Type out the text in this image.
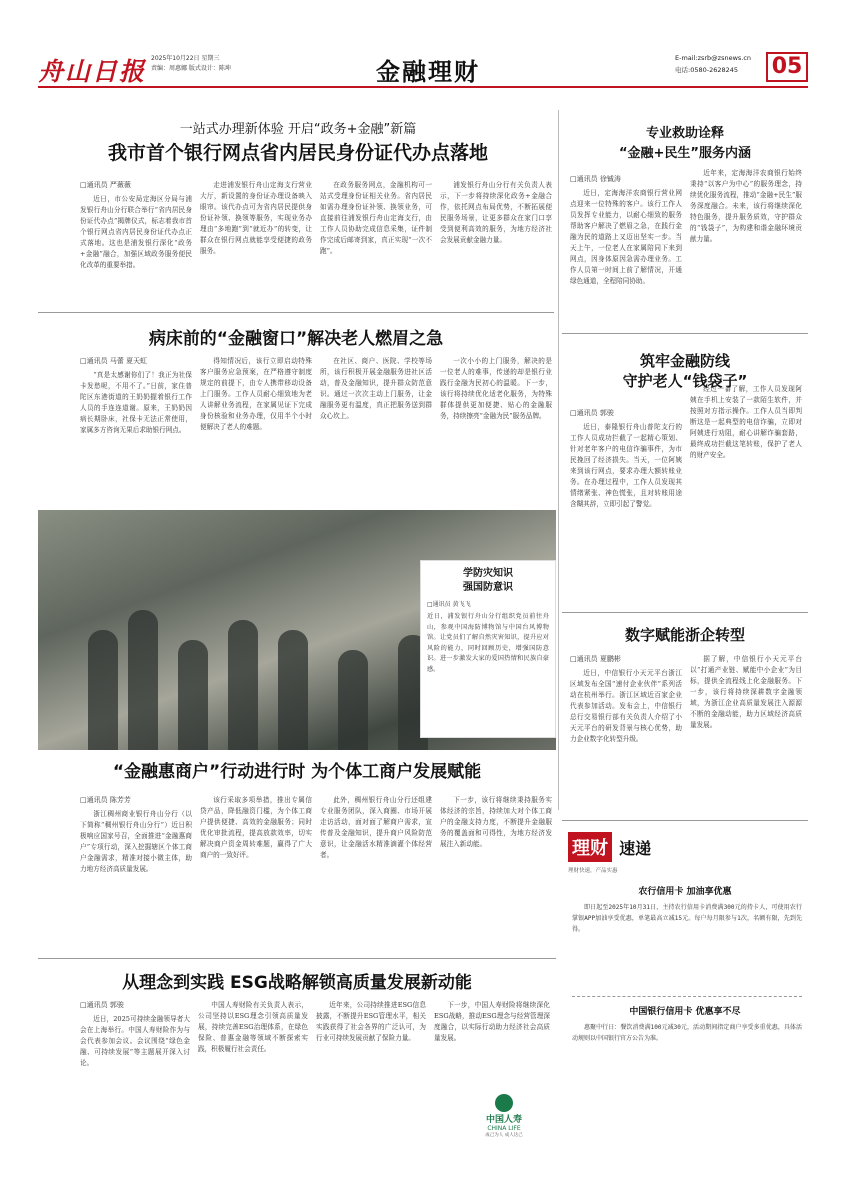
舟山日报 2025年10月22日 星期三
责编：周惠娜 版式设计：陈坤	金融理财	E-mail:zsrb@zsnews.cn
电话:0580-2628245	05
一站式办理新体验 开启“政务+金融”新篇
我市首个银行网点省内居民身份证代办点落地
□通讯员 严薇薇

近日，市公安局定海区分局与浦发银行舟山分行联合举行“省内居民身份证代办点”揭牌仪式，标志着我市首个银行网点省内居民身份证代办点正式落地。这也是浦发银行深化“政务+金融”融合，加强区域政务服务便民化改革的重要举措。

走进浦发银行舟山定海支行营业大厅，新设置的身份证办理设备映入眼帘。该代办点可为省内居民提供身份证补领、换领等服务，实现业务办理由“多地跑”到“就近办”的转变，让群众在银行网点就能享受便捷的政务服务。

在政务服务网点，金融机构可一站式受理身份证相关业务。省内居民如需办理身份证补领、换领业务，可直接前往浦发银行舟山定海支行，由工作人员协助完成信息采集，证件制作完成后邮寄到家，真正实现“一次不跑”。

浦发银行舟山分行有关负责人表示，下一步将持续深化政务+金融合作，依托网点布局优势，不断拓展便民服务场景，让更多群众在家门口享受到便利高效的服务，为地方经济社会发展贡献金融力量。

专业救助诠释
“金融+民生”服务内涵
□通讯员 徐铖涛

近日，定海海洋农商银行营业网点迎来一位特殊的客户。该行工作人员发挥专业能力，以耐心细致的服务帮助客户解决了燃眉之急，在践行金融为民的道路上又迈出坚实一步。当天上午，一位老人在家属陪同下来到网点，因身体原因急需办理业务。工作人员第一时间上前了解情况，开通绿色通道，全程陪同协助。

近年来，定海海洋农商银行始终秉持“以客户为中心”的服务理念，持续优化服务流程，推动“金融+民生”服务深度融合。未来，该行将继续深化特色服务，提升服务质效，守护群众的“钱袋子”，为构建和谐金融环境贡献力量。

病床前的“金融窗口”解决老人燃眉之急
□通讯员 马蕾 夏天虹

“真是太感谢你们了！我正为社保卡发愁呢，不用不了。”日前，家住普陀区东港街道的王奶奶握着银行工作人员的手连连道谢。原来，王奶奶因病长期卧床，社保卡无法正常使用，家属多方咨询无果后求助银行网点。

得知情况后，该行立即启动特殊客户服务应急预案，在严格遵守制度规定的前提下，由专人携带移动设备上门服务。工作人员耐心细致地为老人讲解业务流程，在家属见证下完成身份核验和业务办理，仅用半个小时便解决了老人的难题。

在社区、商户、医院、学校等场所，该行积极开展金融服务进社区活动，普及金融知识，提升群众防范意识。通过一次次主动上门服务，让金融服务更有温度，真正把服务送到群众心坎上。

一次小小的上门服务，解决的是一位老人的难事，传递的却是银行业践行金融为民初心的温暖。下一步，该行将持续优化适老化服务，为特殊群体提供更加便捷、贴心的金融服务，持续擦亮“金融为民”服务品牌。

筑牢金融防线
守护老人“钱袋子”
□通讯员 郭骏

近日，泰隆银行舟山普陀支行的工作人员成功拦截了一起精心策划、针对老年客户的电信诈骗事件，为市民挽回了经济损失。当天，一位阿姨来到该行网点，要求办理大额转账业务。在办理过程中，工作人员发现其情绪紧张、神色慌张，且对转账用途含糊其辞，立即引起了警觉。

经过一番了解，工作人员发现阿姨在手机上安装了一款陌生软件，并按照对方指示操作。工作人员当即判断这是一起典型的电信诈骗，立即对阿姨进行劝阻，耐心讲解诈骗套路，最终成功拦截这笔转账，保护了老人的财产安全。

学防灾知识
强国防意识
□通讯员 黄飞飞
近日，浦发银行舟山分行组织党员前往舟山，参观中国海防博物馆与中国台风博物馆。让党员们了解自然灾害知识，提升应对风险的能力，同时回顾历史，增强国防意识。进一步激发大家的爱国热情和民族自豪感。
数字赋能浙企转型
□通讯员 夏鹏彬

近日，中信银行小天元平台浙江区域发布全国“速付企业伙伴”系列活动在杭州举行。浙江区域近百家企业代表参加活动。发布会上，中信银行总行交易银行部有关负责人介绍了小天元平台的研发背景与核心优势，助力企业数字化转型升级。

据了解，中信银行小天元平台以“打通产业链、赋能中小企业”为目标，提供全流程线上化金融服务。下一步，该行将持续深耕数字金融领域，为浙江企业高质量发展注入源源不断的金融动能，助力区域经济高质量发展。

“金融惠商户”行动进行时 为个体工商户发展赋能
□通讯员 陈芳芳

浙江稠州商业银行舟山分行（以下简称“稠州银行舟山分行”）近日积极响应国家号召，全面推进“金融惠商户”专项行动，深入挖掘辖区个体工商户金融需求，精准对接小微主体，助力地方经济高质量发展。

该行采取多项举措，推出专属信贷产品，降低融资门槛，为个体工商户提供便捷、高效的金融服务；同时优化审批流程，提高放款效率，切实解决商户资金周转难题，赢得了广大商户的一致好评。

此外，稠州银行舟山分行还组建专业服务团队，深入商圈、市场开展走访活动，面对面了解商户需求，宣传普及金融知识，提升商户风险防范意识，让金融活水精准滴灌个体经营者。

下一步，该行将继续秉持服务实体经济的宗旨，持续加大对个体工商户的金融支持力度，不断提升金融服务的覆盖面和可得性，为地方经济发展注入新动能。	理财 速递
理财快速，产品实惠
农行信用卡 加油享优惠
即日起至2025年10月31日，主持农行信用卡消费满300元的持卡人，可使用农行掌银APP加油享受优惠，单笔最高立减15元。每户每月限参与1次，名额有限，先到先得。
中国银行信用卡 优惠享不尽
惠聚中行日：餐饮消费满100元减30元，活动期间指定商户享受多重优惠，具体活动规则以中国银行官方公告为准。
从理念到实践 ESG战略解锁高质量发展新动能
□通讯员 郭骏

近日，2025可持续金融领导者大会在上海举行。中国人寿财险作为与会代表参加会议。会议围绕“绿色金融、可持续发展”等主题展开深入讨论。

中国人寿财险有关负责人表示，公司坚持以ESG理念引领高质量发展，持续完善ESG治理体系，在绿色保险、普惠金融等领域不断探索实践，积极履行社会责任。

近年来，公司持续推进ESG信息披露，不断提升ESG管理水平，相关实践获得了社会各界的广泛认可，为行业可持续发展贡献了保险力量。

下一步，中国人寿财险将继续深化ESG战略，推动ESG理念与经营管理深度融合，以实际行动助力经济社会高质量发展。

中国人寿
CHINA LIFE
成己为人 成人达己
